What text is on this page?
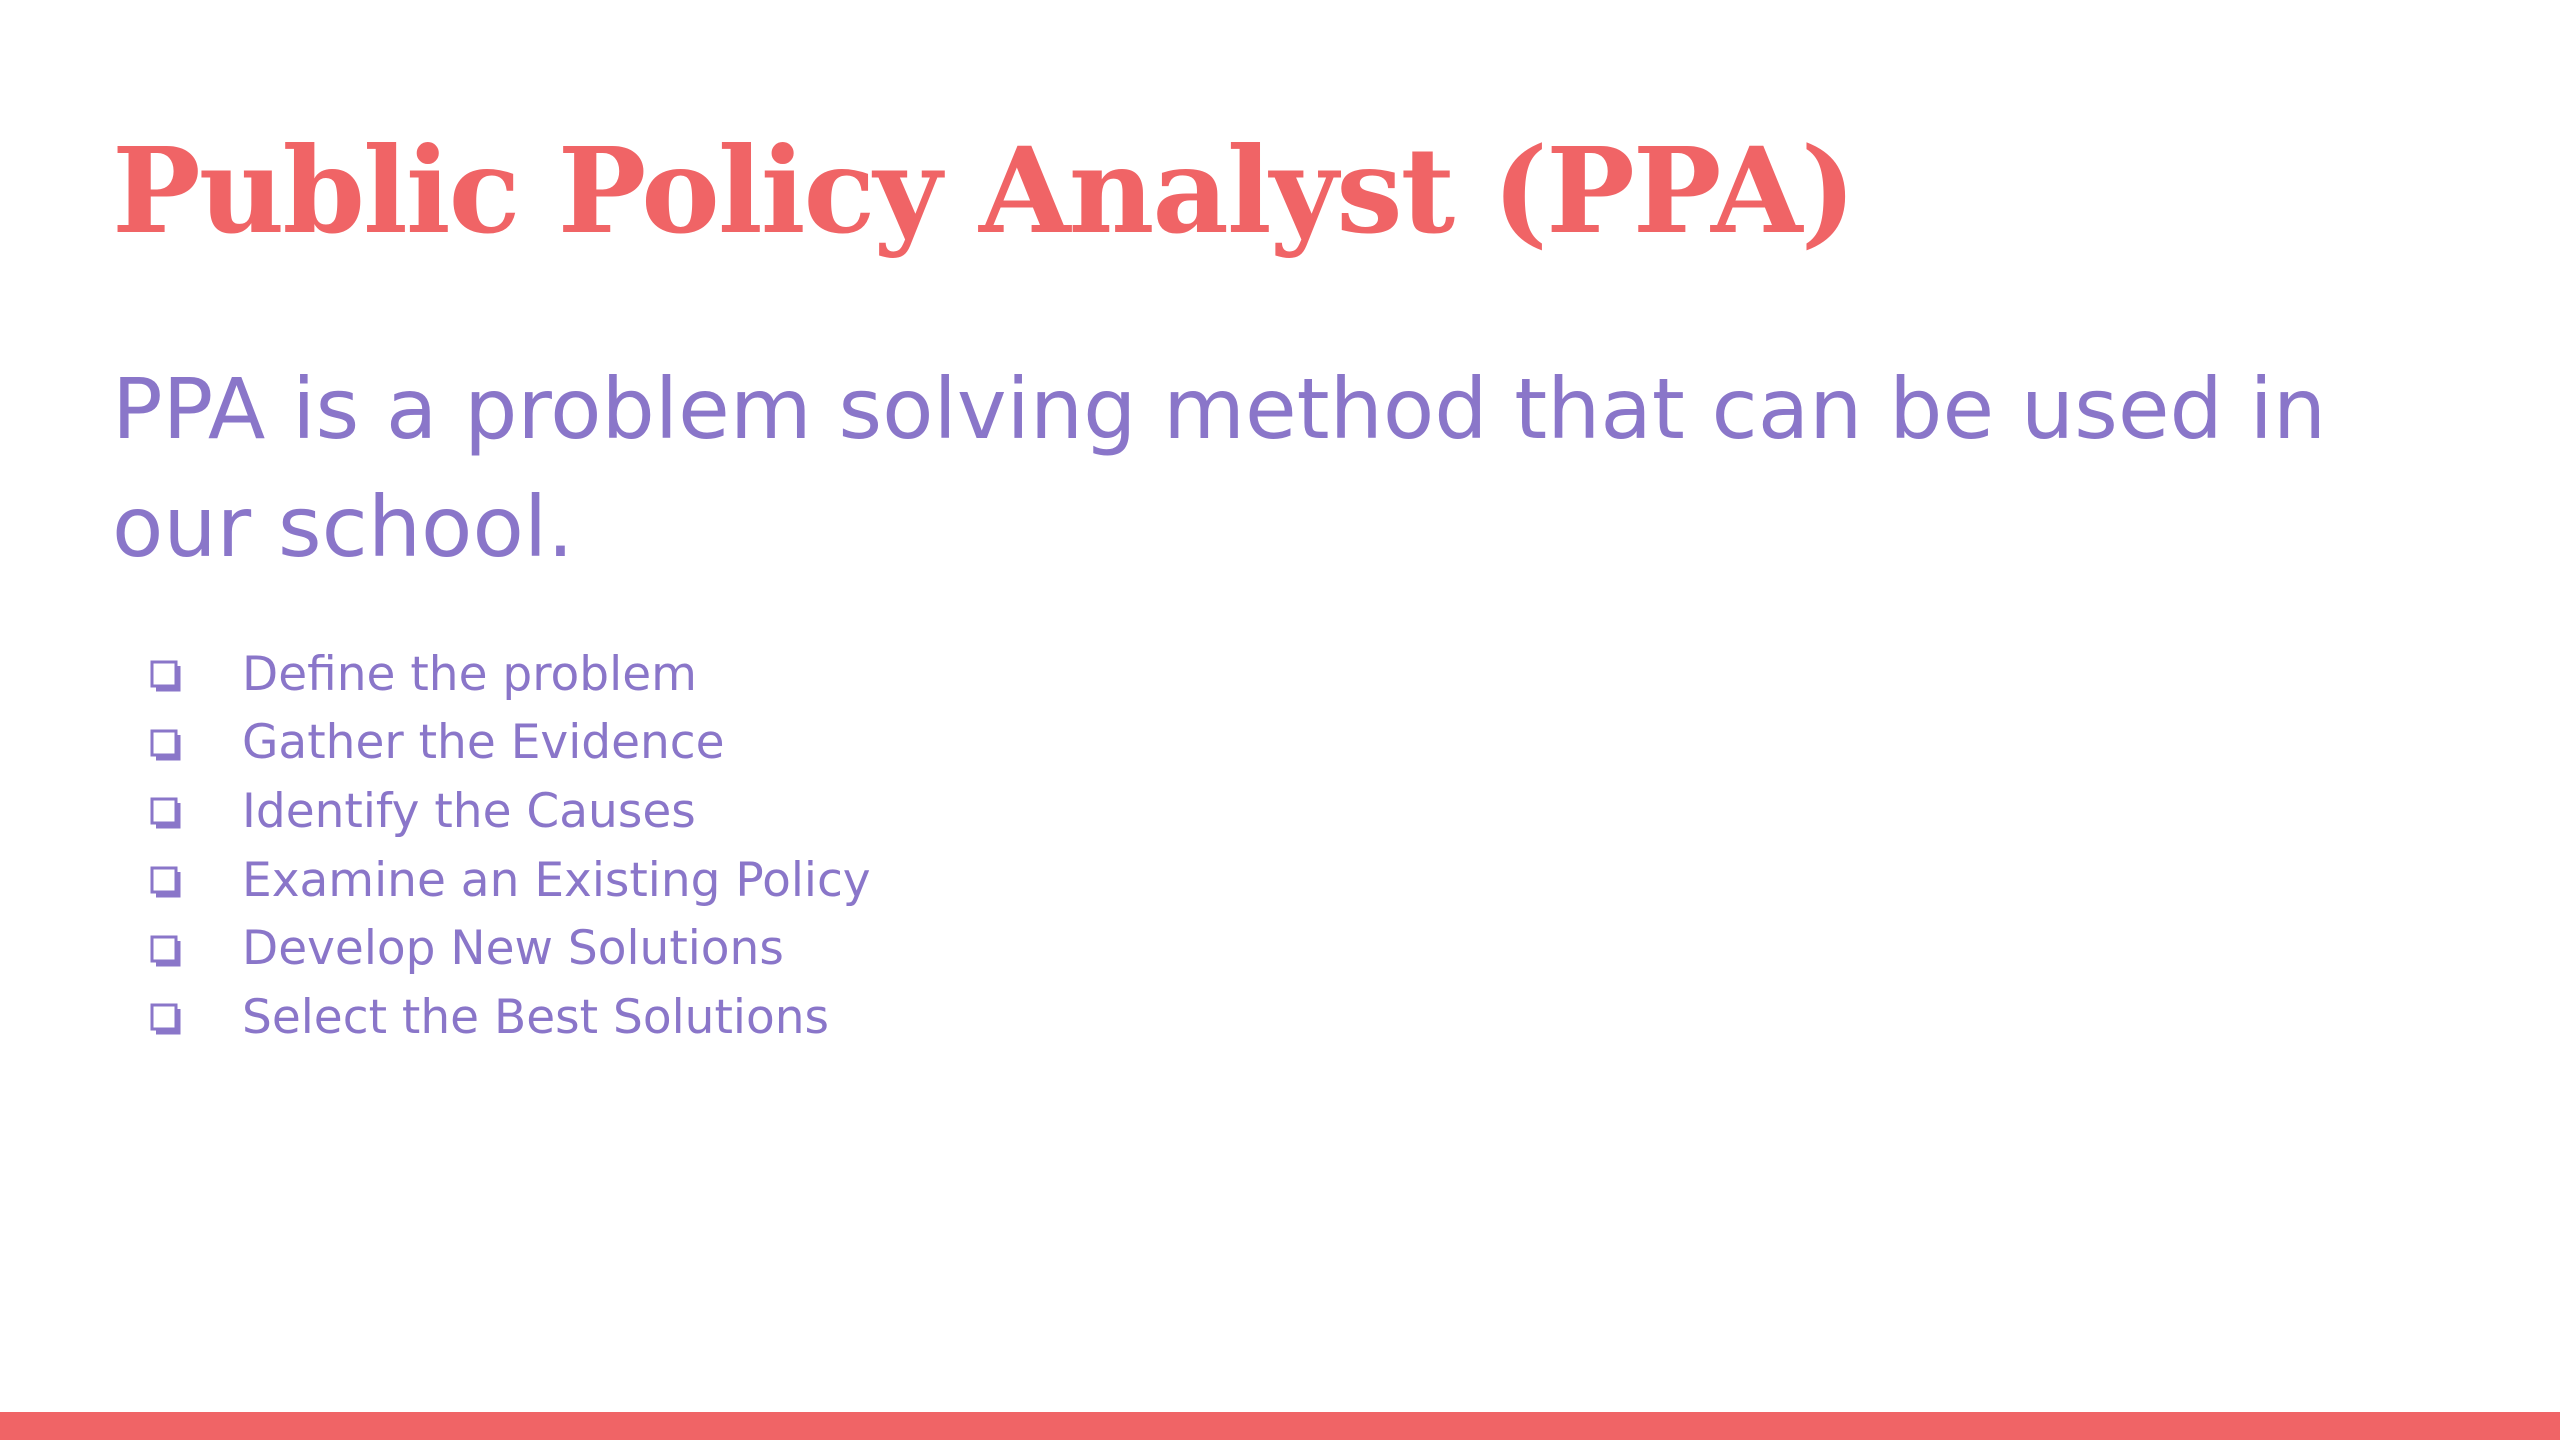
Public Policy Analyst (PPA)

PPA is a problem solving method that can be used in our school.

Define the problem
Gather the Evidence
Identify the Causes
Examine an Existing Policy
Develop New Solutions
Select the Best Solutions
